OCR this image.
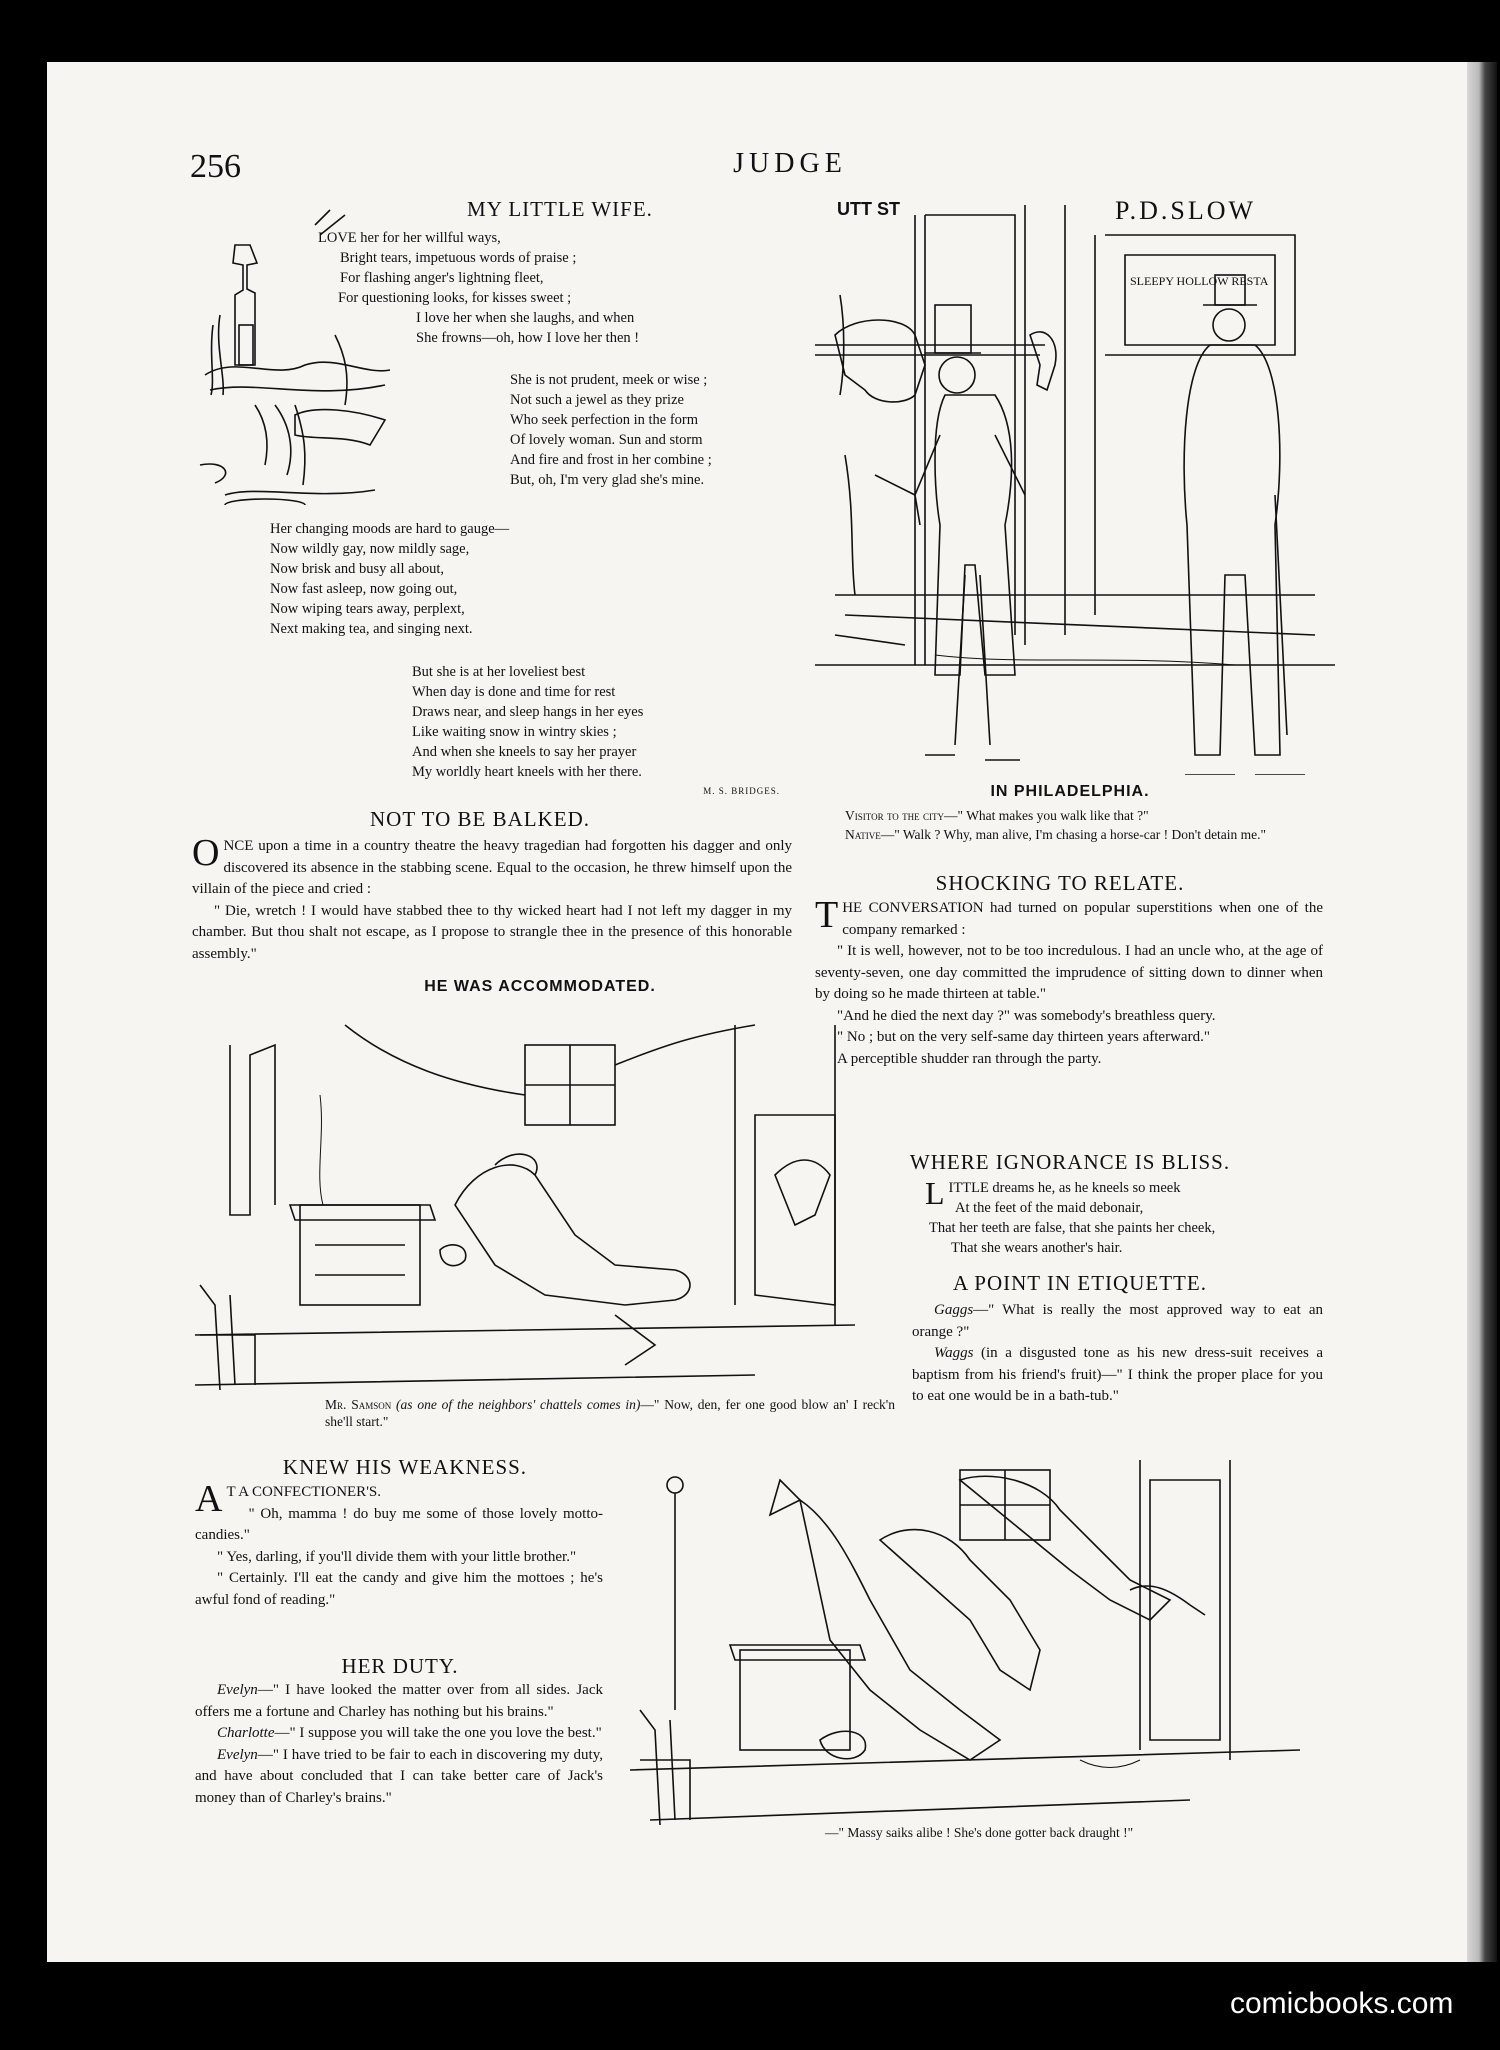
256	JUDGE
MY LITTLE WIFE.
LOVE her for her willful ways,
Bright tears, impetuous words of praise ;
For flashing anger's lightning fleet,
For questioning looks, for kisses sweet ;
I love her when she laughs, and when
She frowns—oh, how I love her then !
She is not prudent, meek or wise ;
Not such a jewel as they prize
Who seek perfection in the form
Of lovely woman. Sun and storm
And fire and frost in her combine ;
But, oh, I'm very glad she's mine.
Her changing moods are hard to gauge—
Now wildly gay, now mildly sage,
Now brisk and busy all about,
Now fast asleep, now going out,
Now wiping tears away, perplext,
Next making tea, and singing next.
But she is at her loveliest best
When day is done and time for rest
Draws near, and sleep hangs in her eyes
Like waiting snow in wintry skies ;
And when she kneels to say her prayer
My worldly heart kneels with her there.
M. S. BRIDGES.
UTT ST	P.D.SLOW
SLEEPY HOLLOW RESTA
IN PHILADELPHIA.

Visitor to the city—" What makes you walk like that ?"

Native—" Walk ? Why, man alive, I'm chasing a horse-car ! Don't detain me."

NOT TO BE BALKED.

ONCE upon a time in a country theatre the heavy tragedian had forgotten his dagger and only discovered its absence in the stabbing scene. Equal to the occasion, he threw himself upon the villain of the piece and cried :

" Die, wretch ! I would have stabbed thee to thy wicked heart had I not left my dagger in my chamber. But thou shalt not escape, as I propose to strangle thee in the presence of this honorable assembly."

HE WAS ACCOMMODATED.
Mr. Samson (as one of the neighbors' chattels comes in)—" Now, den, fer one good blow an' I reck'n she'll start."
SHOCKING TO RELATE.

THE CONVERSATION had turned on popular superstitions when one of the company remarked :

" It is well, however, not to be too incredulous. I had an uncle who, at the age of seventy-seven, one day committed the imprudence of sitting down to dinner when by doing so he made thirteen at table."

"And he died the next day ?" was somebody's breathless query.

" No ; but on the very self-same day thirteen years afterward."

A perceptible shudder ran through the party.

WHERE IGNORANCE IS BLISS.
LITTLE dreams he, as he kneels so meek
At the feet of the maid debonair,
That her teeth are false, that she paints her cheek,
That she wears another's hair.
A POINT IN ETIQUETTE.

Gaggs—" What is really the most approved way to eat an orange ?"

Waggs (in a disgusted tone as his new dress-suit receives a baptism from his friend's fruit)—" I think the proper place for you to eat one would be in a bath-tub."

KNEW HIS WEAKNESS.

A T A CONFECTIONER'S.

" Oh, mamma ! do buy me some of those lovely motto-candies."

" Yes, darling, if you'll divide them with your little brother."

" Certainly. I'll eat the candy and give him the mottoes ; he's awful fond of reading."

HER DUTY.

Evelyn—" I have looked the matter over from all sides. Jack offers me a fortune and Charley has nothing but his brains."

Charlotte—" I suppose you will take the one you love the best."

Evelyn—" I have tried to be fair to each in discovering my duty, and have about concluded that I can take better care of Jack's money than of Charley's brains."

—" Massy saiks alibe ! She's done gotter back draught !"
comicbooks.com
